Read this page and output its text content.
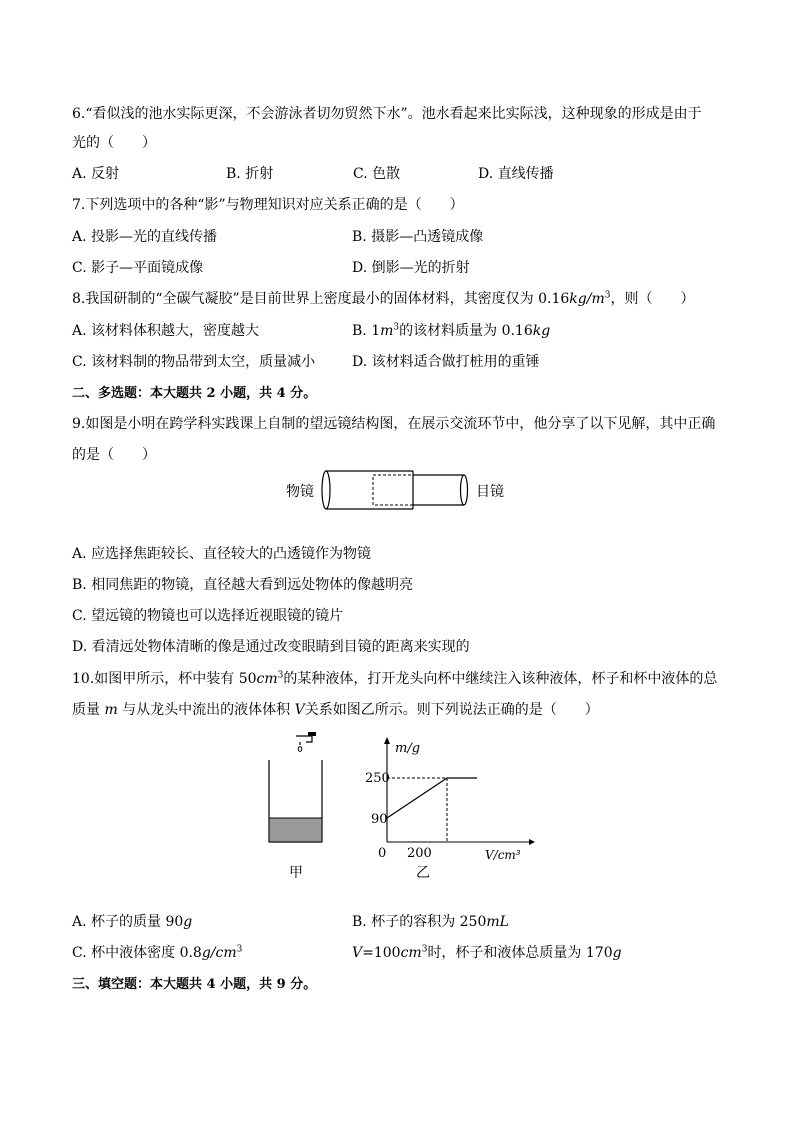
6.“看似浅的池水实际更深，不会游泳者切勿贸然下水”。池水看起来比实际浅，这种现象的形成是由于
光的（　　）
A. 反射	B. 折射	C. 色散	D. 直线传播
7.下列选项中的各种“影”与物理知识对应关系正确的是（　　）
A. 投影—光的直线传播	B. 摄影—凸透镜成像
C. 影子—平面镜成像	D. 倒影—光的折射
8.我国研制的“全碳气凝胶”是目前世界上密度最小的固体材料，其密度仅为 $0.16kg/m^3$，则（　　）
A. 该材料体积越大，密度越大	B. $1m^3$的该材料质量为 0.16kg
C. 该材料制的物品带到太空，质量减小	D. 该材料适合做打桩用的重锤
二、多选题：本大题共 2 小题，共 4 分。
9.如图是小明在跨学科实践课上自制的望远镜结构图，在展示交流环节中，他分享了以下见解，其中正确
的是（　　）
物镜	目镜
A. 应选择焦距较长、直径较大的凸透镜作为物镜
B. 相同焦距的物镜，直径越大看到远处物体的像越明亮
C. 望远镜的物镜也可以选择近视眼镜的镜片
D. 看清远处物体清晰的像是通过改变眼睛到目镜的距离来实现的
10.如图甲所示，杯中装有 $50cm^3$的某种液体，打开龙头向杯中继续注入该种液体，杯子和杯中液体的总
质量 m 与从龙头中流出的液体体积 V关系如图乙所示。则下列说法正确的是（　　）
甲
m/g
250
90
0 200	V/cm³
乙
A. 杯子的质量 90g	B. 杯子的容积为 250mL
C. 杯中液体密度 $0.8g/cm^3$	$V=100cm^3$时，杯子和液体总质量为 170g
三、填空题：本大题共 4 小题，共 9 分。
